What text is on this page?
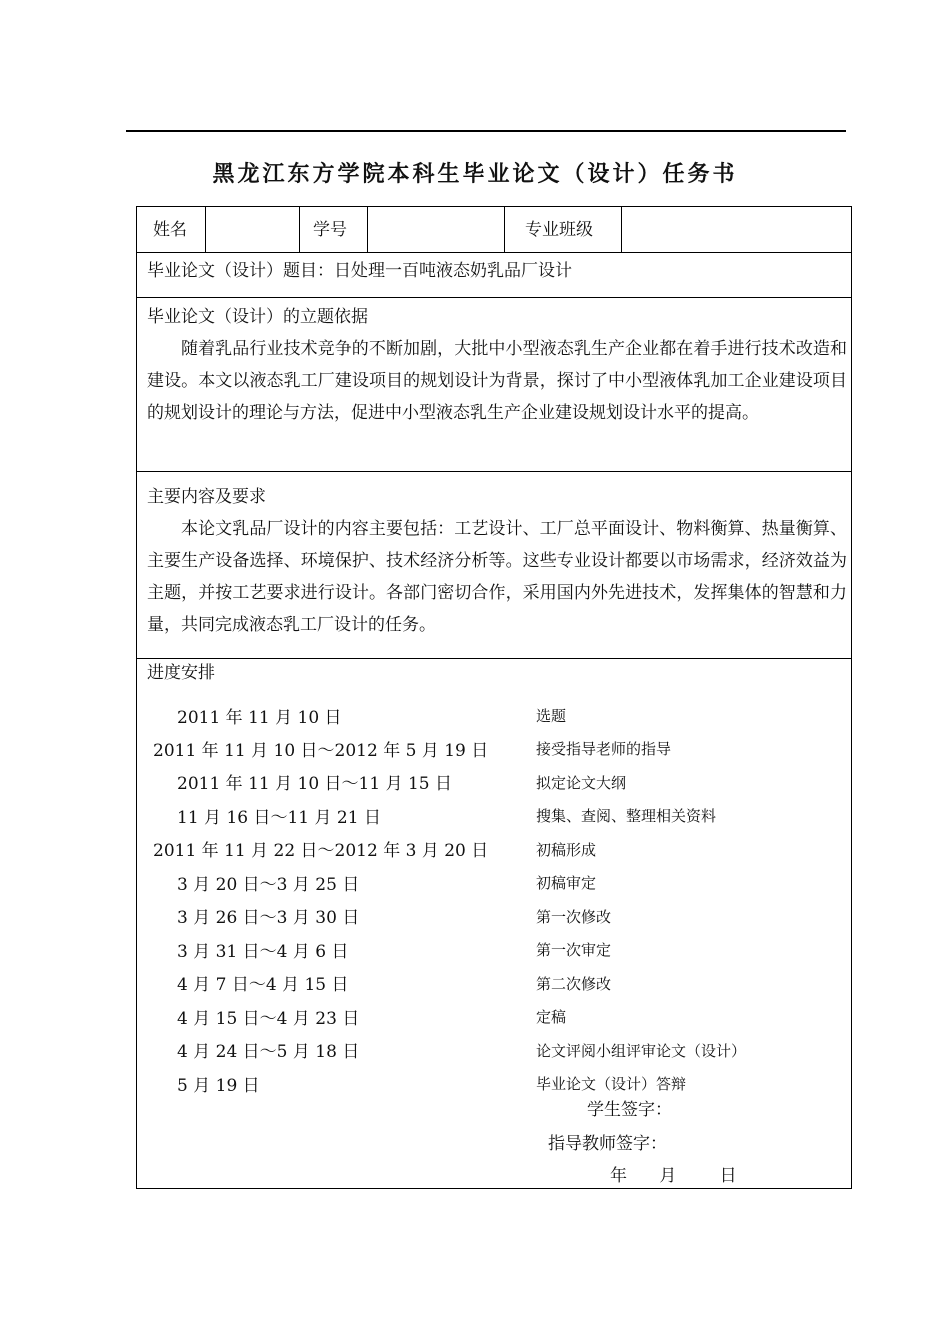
黑龙江东方学院本科生毕业论文（设计）任务书
姓名	学号	专业班级
毕业论文（设计）题目：日处理一百吨液态奶乳品厂设计
毕业论文（设计）的立题依据
随着乳品行业技术竞争的不断加剧，大批中小型液态乳生产企业都在着手进行技术改造和建设。本文以液态乳工厂建设项目的规划设计为背景，探讨了中小型液体乳加工企业建设项目的规划设计的理论与方法，促进中小型液态乳生产企业建设规划设计水平的提高。
主要内容及要求
本论文乳品厂设计的内容主要包括：工艺设计、工厂总平面设计、物料衡算、热量衡算、主要生产设备选择、环境保护、技术经济分析等。这些专业设计都要以市场需求，经济效益为主题，并按工艺要求进行设计。各部门密切合作，采用国内外先进技术，发挥集体的智慧和力量，共同完成液态乳工厂设计的任务。
进度安排
2011 年 11 月 10 日	选题
2011 年 11 月 10 日～2012 年 5 月 19 日	接受指导老师的指导
2011 年 11 月 10 日～11 月 15 日	拟定论文大纲
11 月 16 日～11 月 21 日	搜集、查阅、整理相关资料
2011 年 11 月 22 日～2012 年 3 月 20 日	初稿形成
3 月 20 日～3 月 25 日	初稿审定
3 月 26 日～3 月 30 日	第一次修改
3 月 31 日～4 月 6 日	第一次审定
4 月 7 日～4 月 15 日	第二次修改
4 月 15 日～4 月 23 日	定稿
4 月 24 日～5 月 18 日	论文评阅小组评审论文（设计）
5 月 19 日	毕业论文（设计）答辩
学生签字：
指导教师签字：
年      月        日
